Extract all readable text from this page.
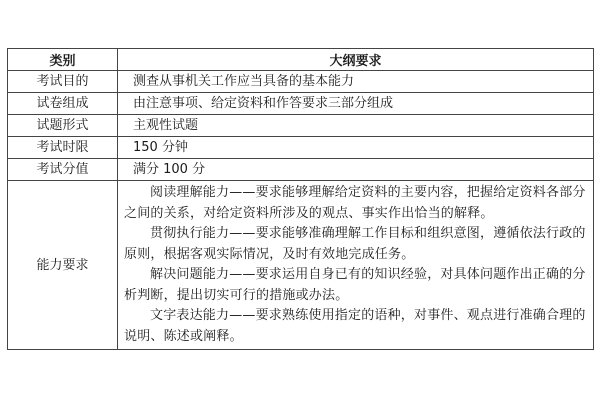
类别	大纲要求
考试目的	测查从事机关工作应当具备的基本能力
试卷组成	由注意事项、给定资料和作答要求三部分组成
试题形式	主观性试题
考试时限	150 分钟
考试分值	满分 100 分
能力要求	阅读理解能力——要求能够理解给定资料的主要内容，把握给定资料各部分之间的关系，对给定资料所涉及的观点、事实作出恰当的解释。

贯彻执行能力——要求能够准确理解工作目标和组织意图，遵循依法行政的原则，根据客观实际情况，及时有效地完成任务。

解决问题能力——要求运用自身已有的知识经验，对具体问题作出正确的分析判断，提出切实可行的措施或办法。

文字表达能力——要求熟练使用指定的语种，对事件、观点进行准确合理的说明、陈述或阐释。
